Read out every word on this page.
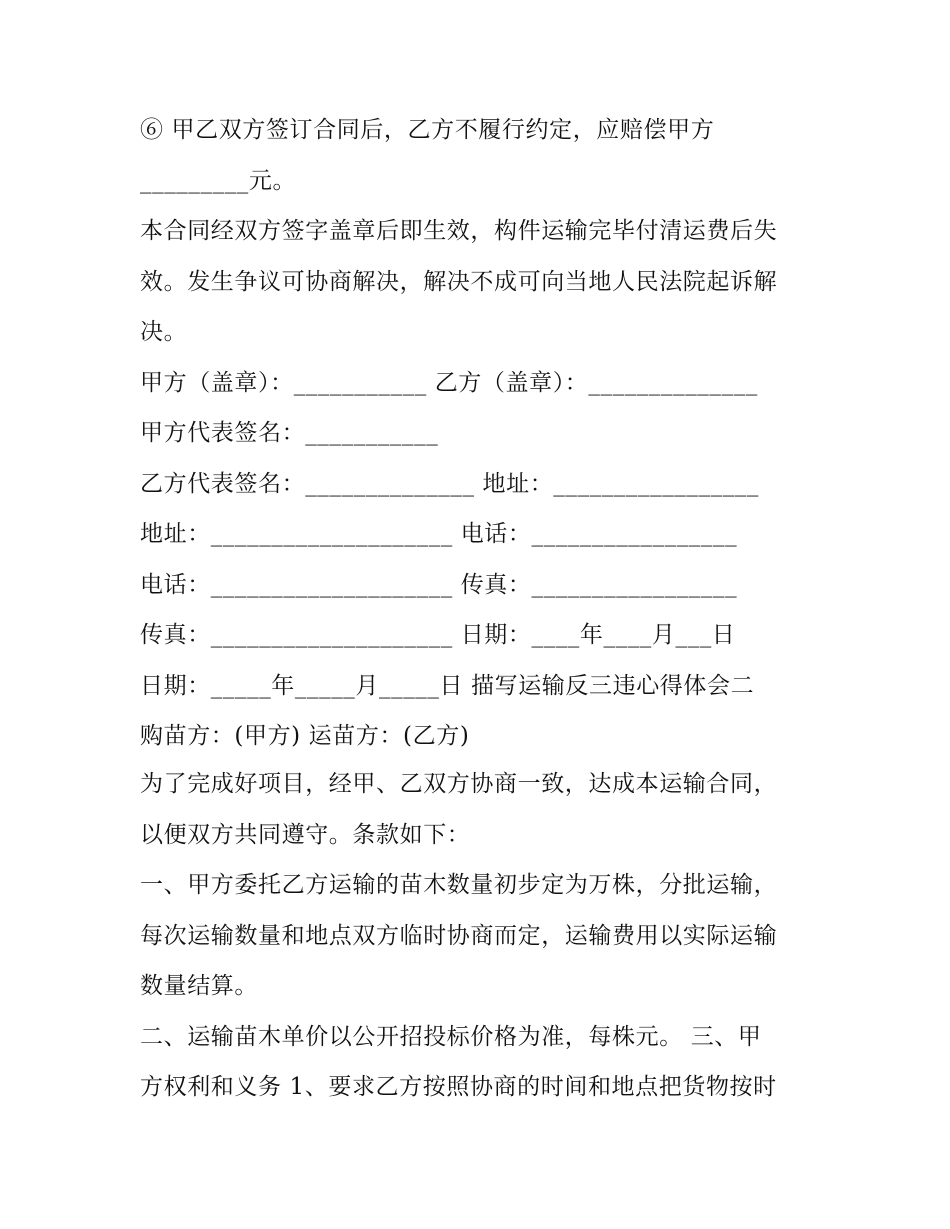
⑥ 甲乙双方签订合同后，乙方不履行约定，应赔偿甲方
_________元。
本合同经双方签字盖章后即生效，构件运输完毕付清运费后失
效。发生争议可协商解决，解决不成可向当地人民法院起诉解
决。
甲方（盖章）：___________ 乙方（盖章）：______________
甲方代表签名：___________
乙方代表签名：______________ 地址：_________________
地址：____________________ 电话：_________________
电话：____________________ 传真：_________________
传真：____________________ 日期：____年____月___日
日期：_____年_____月_____日 描写运输反三违心得体会二
购苗方：(甲方) 运苗方：(乙方)
为了完成好项目，经甲、乙双方协商一致，达成本运输合同，
以便双方共同遵守。条款如下：
一、甲方委托乙方运输的苗木数量初步定为万株，分批运输，
每次运输数量和地点双方临时协商而定，运输费用以实际运输
数量结算。
二、运输苗木单价以公开招投标价格为准，每株元。 三、甲
方权利和义务 1、要求乙方按照协商的时间和地点把货物按时
